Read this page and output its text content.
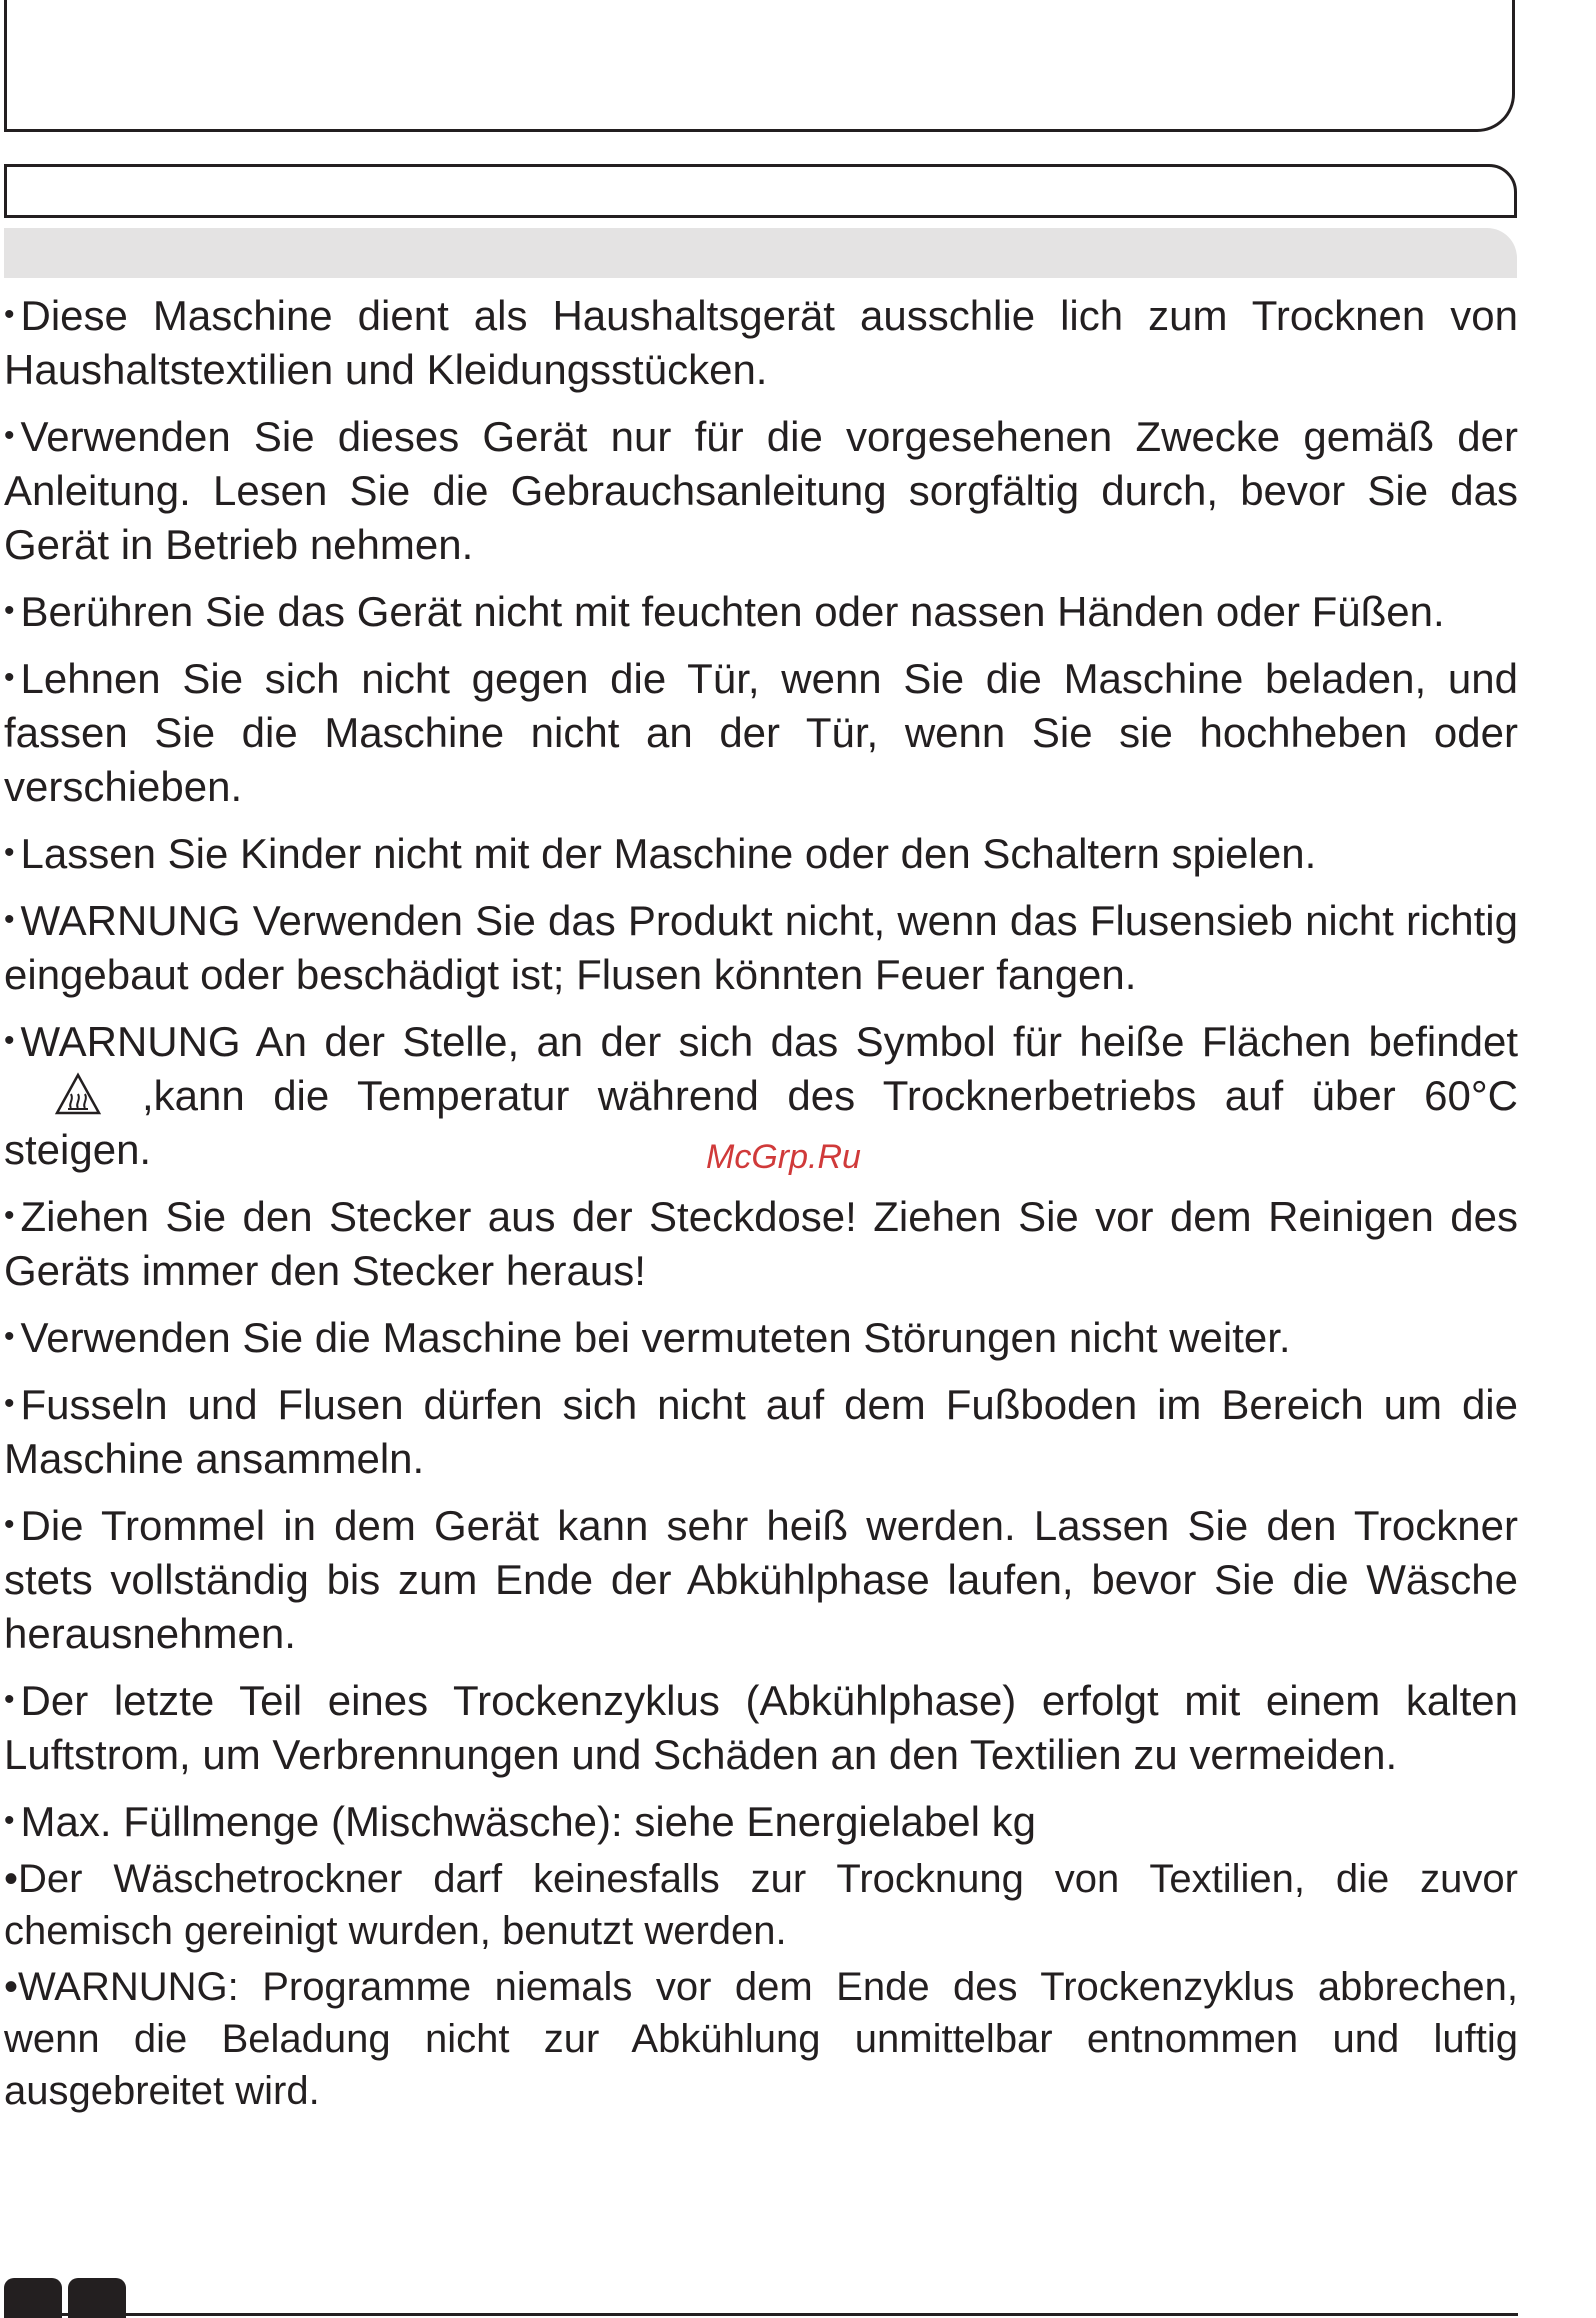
• Diese Maschine dient als Haushaltsgerät ausschlie lich zum Trocknen von Haushaltstextilien und Kleidungsstücken.

• Verwenden Sie dieses Gerät nur für die vorgesehenen Zwecke gemäß der Anleitung. Lesen Sie die Gebrauchsanleitung sorgfältig durch, bevor Sie das Gerät in Betrieb nehmen.

• Berühren Sie das Gerät nicht mit feuchten oder nassen Händen oder Füßen.

• Lehnen Sie sich nicht gegen die Tür, wenn Sie die Maschine beladen, und fassen Sie die Maschine nicht an der Tür, wenn Sie sie hochheben oder verschieben.

• Lassen Sie Kinder nicht mit der Maschine oder den Schaltern spielen.

• WARNUNG Verwenden Sie das Produkt nicht, wenn das Flusensieb nicht richtig eingebaut oder beschädigt ist; Flusen könnten Feuer fangen.

• WARNUNG An der Stelle, an der sich das Symbol für heiße Flächen befindet,kann die Temperatur während des Trocknerbetriebs auf über 60°C steigen.

• Ziehen Sie den Stecker aus der Steckdose! Ziehen Sie vor dem Reinigen des Geräts immer den Stecker heraus!

• Verwenden Sie die Maschine bei vermuteten Störungen nicht weiter.

• Fusseln und Flusen dürfen sich nicht auf dem Fußboden im Bereich um die Maschine ansammeln.

• Die Trommel in dem Gerät kann sehr heiß werden. Lassen Sie den Trockner stets vollständig bis zum Ende der Abkühlphase laufen, bevor Sie die Wäsche herausnehmen.

• Der letzte Teil eines Trockenzyklus (Abkühlphase) erfolgt mit einem kalten Luftstrom, um Verbrennungen und Schäden an den Textilien zu vermeiden.

• Max. Füllmenge (Mischwäsche): siehe Energielabel kg

•Der Wäschetrockner darf keinesfalls zur Trocknung von Textilien, die zuvor chemisch gereinigt wurden, benutzt werden.

•WARNUNG: Programme niemals vor dem Ende des Trockenzyklus abbrechen, wenn die Beladung nicht zur Abkühlung unmittelbar entnommen und luftig ausgebreitet wird.

McGrp.Ru
